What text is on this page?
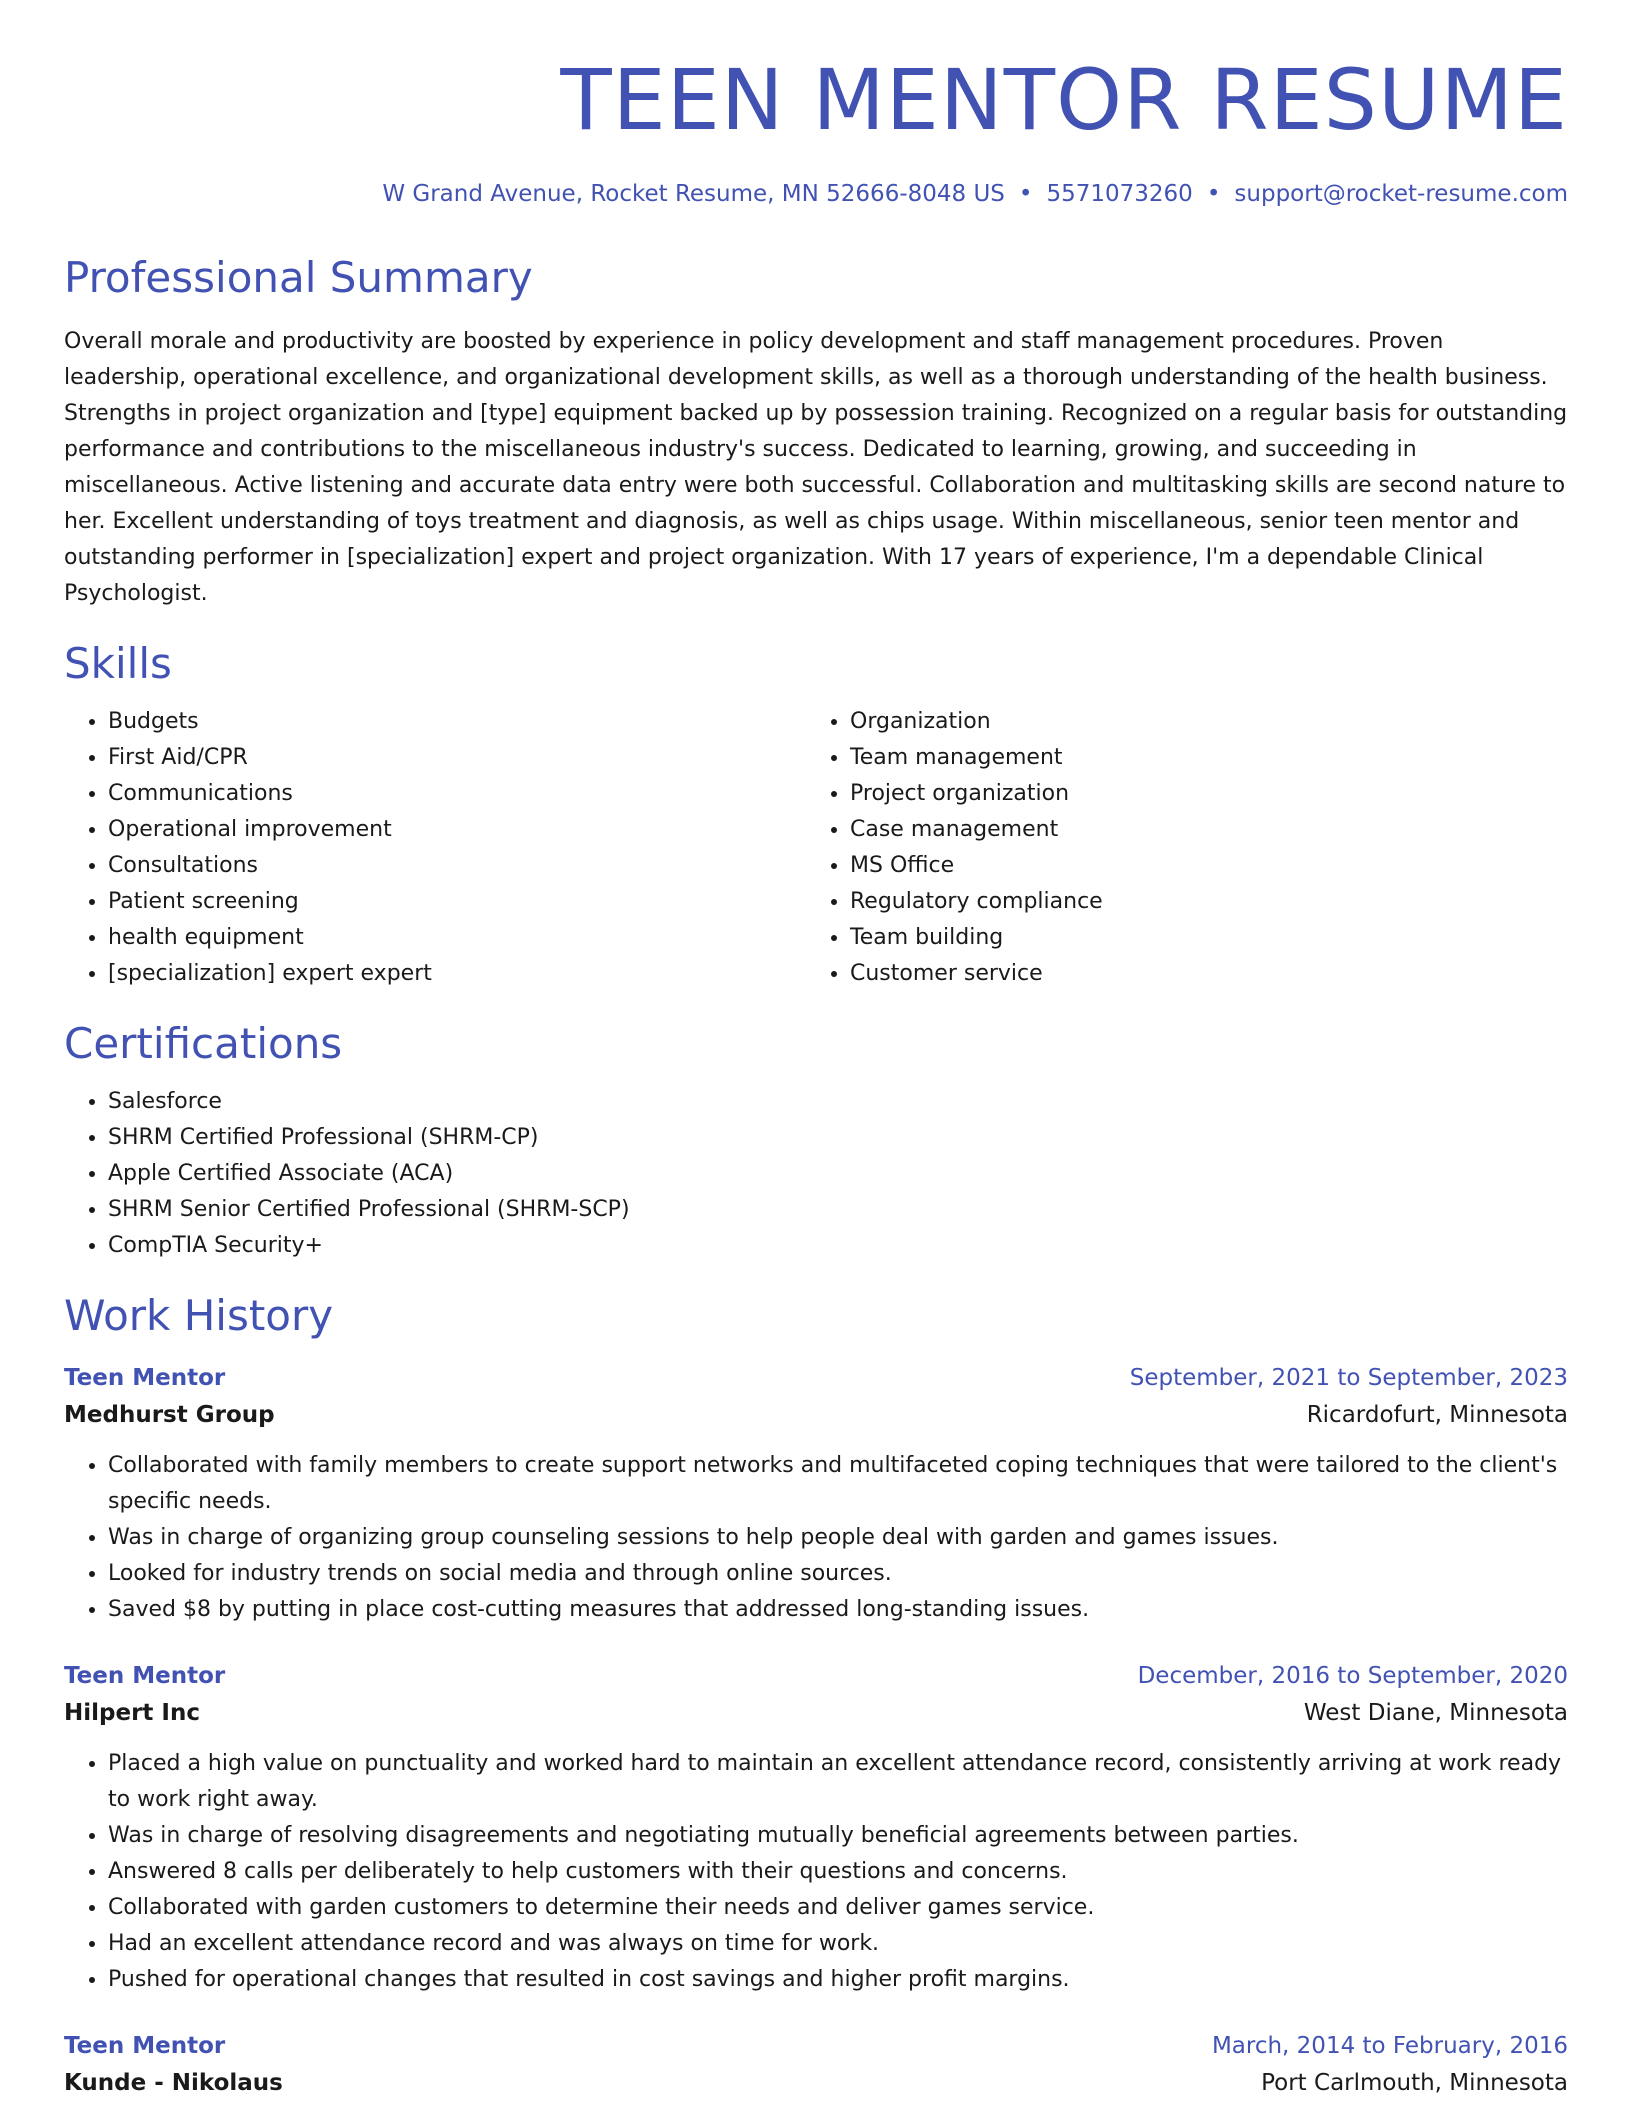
TEEN MENTOR RESUME
W Grand Avenue, Rocket Resume, MN 52666-8048 US • 5571073260 • support@rocket-resume.com
Professional Summary
Overall morale and productivity are boosted by experience in policy development and staff management procedures. Proven leadership, operational excellence, and organizational development skills, as well as a thorough understanding of the health business. Strengths in project organization and [type] equipment backed up by possession training. Recognized on a regular basis for outstanding performance and contributions to the miscellaneous industry's success. Dedicated to learning, growing, and succeeding in miscellaneous. Active listening and accurate data entry were both successful. Collaboration and multitasking skills are second nature to her. Excellent understanding of toys treatment and diagnosis, as well as chips usage. Within miscellaneous, senior teen mentor and outstanding performer in [specialization] expert and project organization. With 17 years of experience, I'm a dependable Clinical Psychologist.
Skills
• Budgets
• First Aid/CPR
• Communications
• Operational improvement
• Consultations
• Patient screening
• health equipment
• [specialization] expert expert
• Organization
• Team management
• Project organization
• Case management
• MS Office
• Regulatory compliance
• Team building
• Customer service
Certifications
• Salesforce
• SHRM Certified Professional (SHRM-CP)
• Apple Certified Associate (ACA)
• SHRM Senior Certified Professional (SHRM-SCP)
• CompTIA Security+
Work History
Teen Mentor	September, 2021 to September, 2023
Medhurst Group	Ricardofurt, Minnesota
• Collaborated with family members to create support networks and multifaceted coping techniques that were tailored to the client's specific needs.
• Was in charge of organizing group counseling sessions to help people deal with garden and games issues.
• Looked for industry trends on social media and through online sources.
• Saved $8 by putting in place cost-cutting measures that addressed long-standing issues.
Teen Mentor	December, 2016 to September, 2020
Hilpert Inc	West Diane, Minnesota
• Placed a high value on punctuality and worked hard to maintain an excellent attendance record, consistently arriving at work ready to work right away.
• Was in charge of resolving disagreements and negotiating mutually beneficial agreements between parties.
• Answered 8 calls per deliberately to help customers with their questions and concerns.
• Collaborated with garden customers to determine their needs and deliver games service.
• Had an excellent attendance record and was always on time for work.
• Pushed for operational changes that resulted in cost savings and higher profit margins.
Teen Mentor	March, 2014 to February, 2016
Kunde - Nikolaus	Port Carlmouth, Minnesota
